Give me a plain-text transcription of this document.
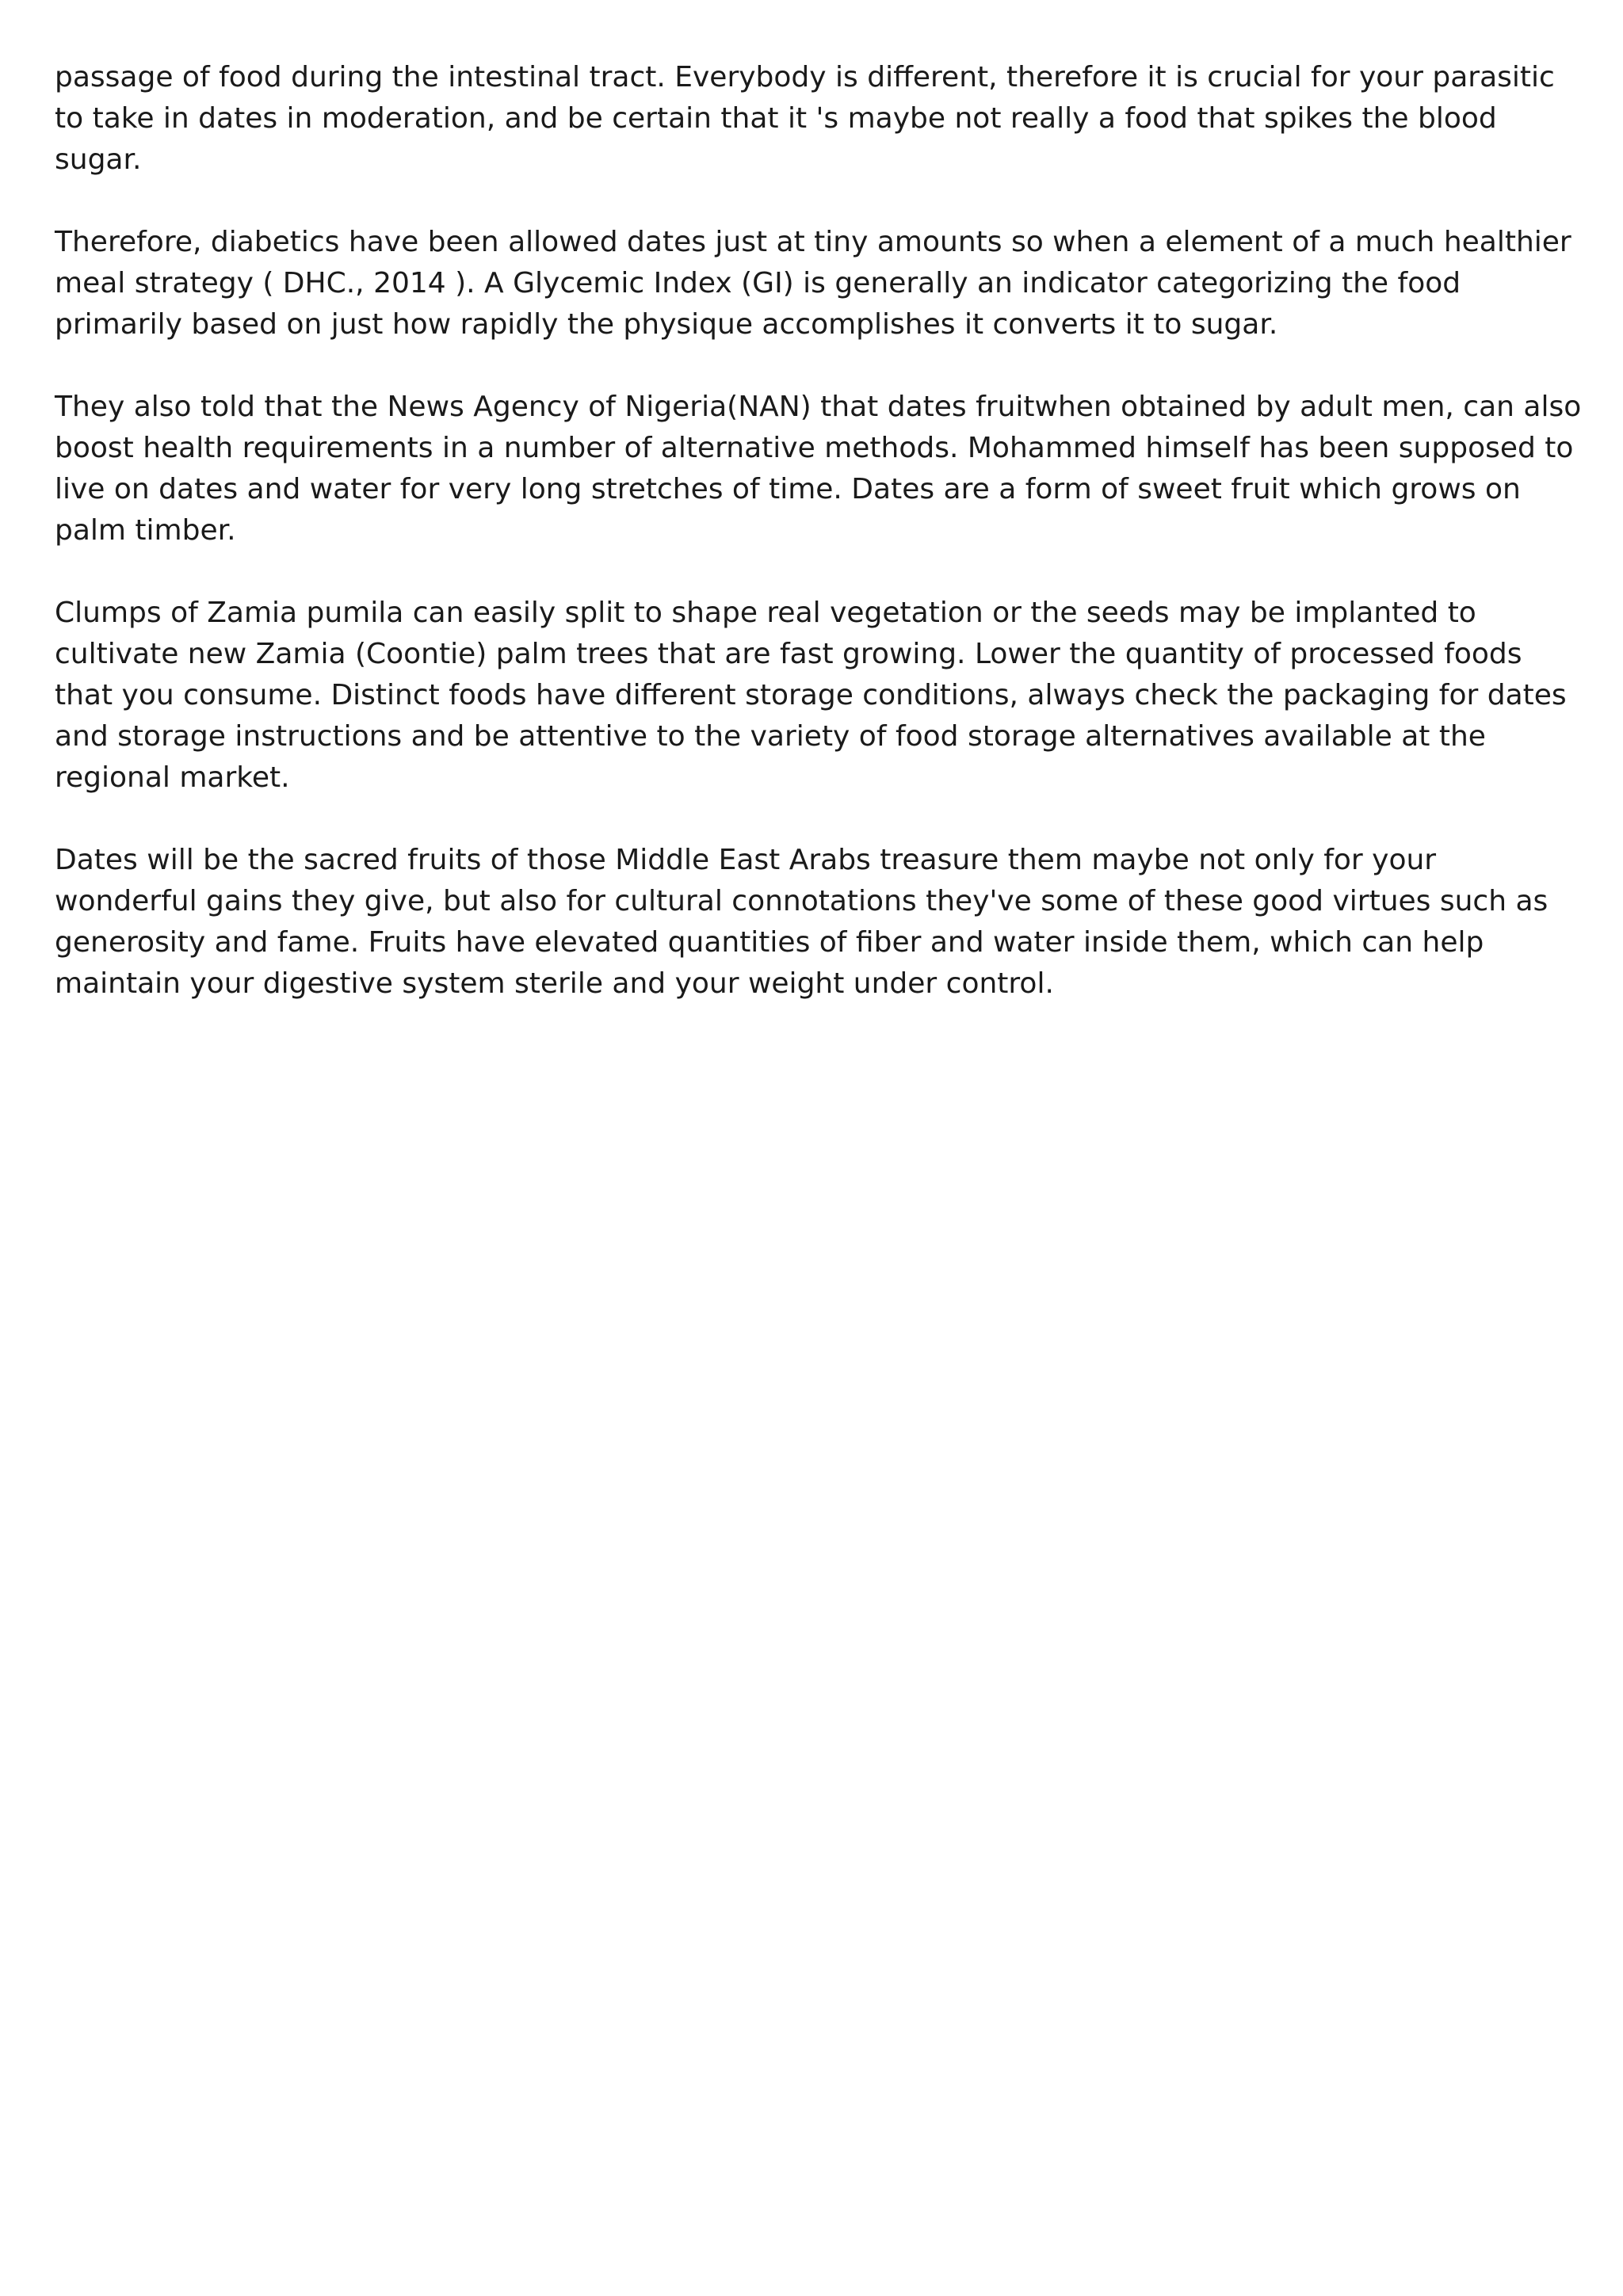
passage of food during the intestinal tract. Everybody is different, therefore it is crucial for your parasitic to take in dates in moderation, and be certain that it 's maybe not really a food that spikes the blood sugar.

Therefore, diabetics have been allowed dates just at tiny amounts so when a element of a much healthier meal strategy ( DHC., 2014 ). A Glycemic Index (GI) is generally an indicator categorizing the food primarily based on just how rapidly the physique accomplishes it converts it to sugar.

They also told that the News Agency of Nigeria(NAN) that dates fruitwhen obtained by adult men, can also boost health requirements in a number of alternative methods. Mohammed himself has been supposed to live on dates and water for very long stretches of time. Dates are a form of sweet fruit which grows on palm timber.

Clumps of Zamia pumila can easily split to shape real vegetation or the seeds may be implanted to cultivate new Zamia (Coontie) palm trees that are fast growing. Lower the quantity of processed foods that you consume. Distinct foods have different storage conditions, always check the packaging for dates and storage instructions and be attentive to the variety of food storage alternatives available at the regional market.

Dates will be the sacred fruits of those Middle East Arabs treasure them maybe not only for your wonderful gains they give, but also for cultural connotations they've some of these good virtues such as generosity and fame. Fruits have elevated quantities of fiber and water inside them, which can help maintain your digestive system sterile and your weight under control.
